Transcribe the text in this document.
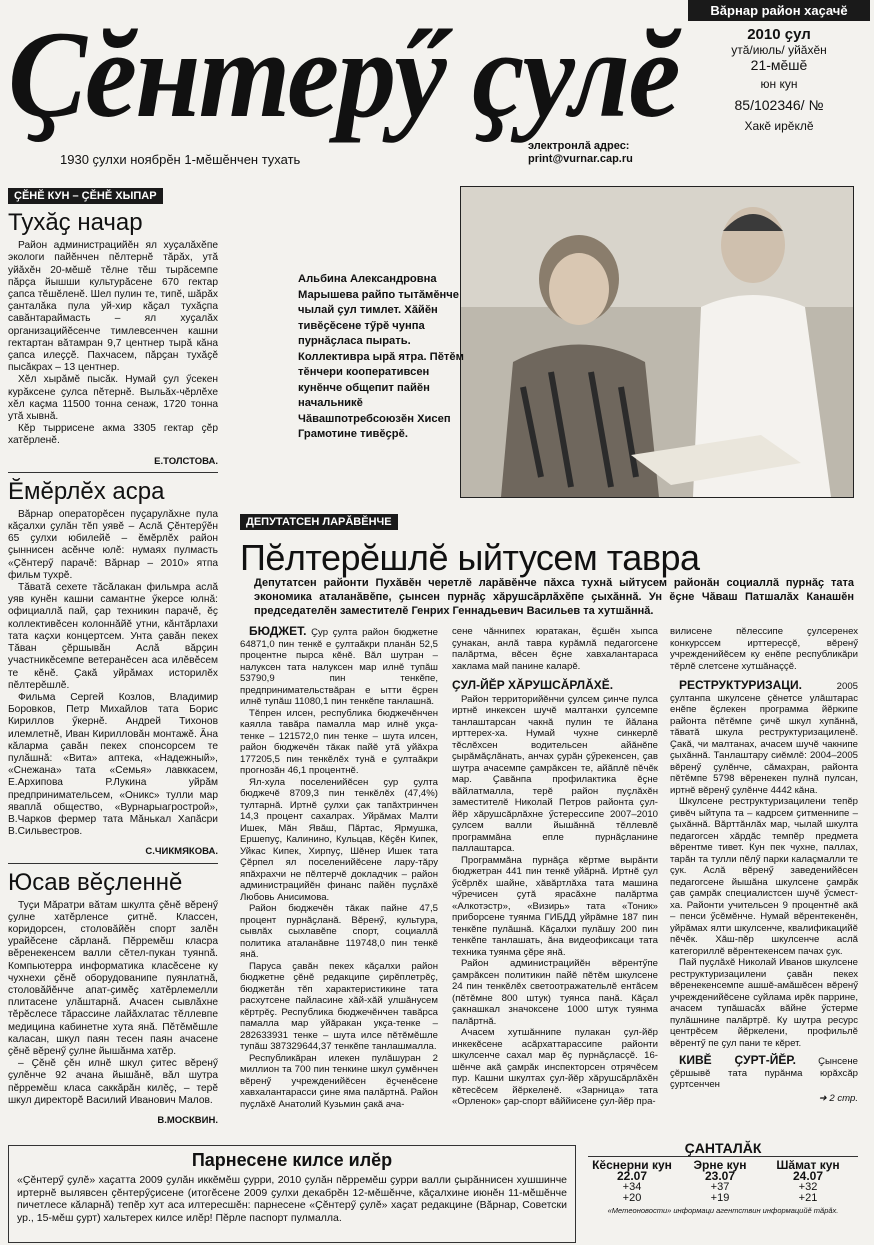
Ҫĕнтерӳ ҫулĕ
1930 ҫулхи ноябрĕн 1-мĕшĕнчен тухать
электронлă адрес:
print@vurnar.cap.ru
Вăрнар район хаҫачĕ
2010 ҫул
утă/июль/ уйăхĕн
21-мĕшĕ
юн кун
85/102346/ №
Хакĕ ирĕклĕ
ҪĔНĔ КУН – ҪĔНĔ ХЫПАР
Тухăҫ начар

Район администрацийĕн ял хуҫалăхĕпе экологи пайĕнчен пĕлтернĕ тăрăх, утă уйăхĕн 20-мĕшĕ тĕлне тĕш тырăсемпе пăрҫа йышши культурăсене 670 гектар ҫапса тĕшĕленĕ. Шел пулин те, типĕ, шăрăх ҫанталăка пула уй-хир кăҫал тухăҫпа савăнтараймасть – ял хуҫалăх организацийĕсенче тимлевсенчен кашни гектартан вăтамран 9,7 центнер тырă кăна ҫапса илеҫҫĕ. Пахчасем, пăрҫан тухăҫĕ пысăкрах – 13 центнер.

Хĕл хырăмĕ пысăк. Нумай ҫул ӳсекен курăксене ҫулса пĕтернĕ. Выльăх-чĕрлĕхе хĕл каҫма 11500 тонна сенаж, 1720 тонна утă хывнă.

Кĕр тыррисене акма 3305 гектар ҫĕр хатĕрленĕ.

Е.ТОЛСТОВА.
Ĕмĕрлĕх асра

Вăрнар операторĕсен пуҫарулăхне пула кăҫалхи ҫулăн тĕп уявĕ – Аслă Ҫĕнтерӳĕн 65 ҫулхи юбилейĕ – ĕмĕрлĕх район ҫыннисен асĕнче юлĕ: нумаях пулмасть «Ҫĕнтерӳ парачĕ: Вăрнар – 2010» ятпа фильм тухрĕ.

Тăватă сехете тăсăлакан фильмра аслă уяв кунĕн кашни самантне ӳкерсе юлнă: официаллă пай, ҫар техникин парачĕ, ĕҫ коллективĕсен колоннăйĕ утни, кăнтăрлахи тата каҫхи концертсем. Унта ҫавăн пекех Тăван ҫĕршывăн Аслă вăрҫин участникĕсемпе ветеранĕсен аса илĕвĕсем те кĕнĕ. Ҫакă уйрăмах историлĕх пĕлтерĕшлĕ.

Фильма Сергей Козлов, Владимир Боровков, Петр Михайлов тата Борис Кириллов ӳкернĕ. Андрей Тихонов илемлетнĕ, Иван Кирилловăн монтажĕ. Ăна кăларма ҫавăн пекех спонсорсем те пулăшнă: «Вита» аптека, «Надежный», «Снежана» тата «Семья» лавккасем, Е.Архипова Р.Лукина уйрăм предпринимательсем, «Оникс» тулли мар яваплă общество, «Вурнарыагрострой», В.Чарков фермер тата Мăнькал Хапăсри В.Сильвестров.

С.ЧИКМЯКОВА.
Юсав вĕҫленнĕ

Туҫи Мăратри вăтам шкулта ҫĕнĕ вĕренӳ ҫулне хатĕрленсе ҫитнĕ. Классен, коридорсен, столовăйĕн спорт залĕн урайĕсене сăрланă. Пĕрремĕш класра вĕренекенсем валли сĕтел-пукан туянnă. Компьютерра информатика класĕсене ку чухнехи ҫĕнĕ оборудованипе пуянлатнă, столовăйĕнче апат-ҫимĕҫ хатĕрлемелли плитасене улăштарнă. Ачасен сывлăхне тĕрĕслесе тăрассине лайăхлатас тĕллевпе медицина кабинетне хута янă. Пĕтĕмĕшле каласан, шкул паян тесен паян ачасене ҫĕнĕ вĕренӳ ҫулне йышăнма хатĕр.

– Ҫĕнĕ ҫĕн илнĕ шкул ҫитес вĕренӳ ҫулĕнче 92 ачана йышăнĕ, вăл шутра пĕрремĕш класа саккăрăн килĕҫ, – терĕ шкул директорĕ Василий Иванович Малов.

В.МОСКВИН.

Альбина Александровна Марышева райпо тытăмĕнче чылай ҫул тимлет. Хăйĕн тивĕҫĕсене тӳрĕ чунпа пурнăҫласа пырать. Коллективра ырă ятра. Пĕтĕм тĕнчери кооперативсен кунĕнче общепит пайĕн начальникĕ Чăвашпотребсоюзĕн Хисеп Грамотине тивĕҫрĕ.

ДЕПУТАТСЕН ЛАРĂВĔНЧЕ
Пĕлтерĕшлĕ ыйтусем тавра
Депутатсен районти Пухăвĕн черетлĕ ларăвĕнче пăхса тухнă ыйтусем районăн социаллă пурнăҫ тата экономика аталанăвĕпе, ҫынсен пурнăҫ хăрушсăрлăхĕпе ҫыхăннă. Ун ĕҫне Чăваш Патшалăх Канашĕн председателĕн заместителĕ Генрих Геннадьевич Васильев та хутшăннă.

БЮДЖЕТ. Ҫур ҫулта район бюджетне 64871,0 пин тенкĕ е ҫултаăкри планăн 52,5 процентне пырса кĕнĕ. Вăл шутран – налуксен тата налуксен мар илнĕ тупăш 53790,9 пин тенкĕпе, предпринимательствăран е ытти ĕҫрен илнĕ тупăш 11080,1 пин тенкĕпе танлашнă.

Тĕпрен илсен, республика бюджечĕнчен каялла тавăра памалла мар илнĕ укҫа-тенке – 121572,0 пин тенке – шута илсен, район бюджечĕн тăкак пайĕ утă уйăхра 177205,5 пин тенкĕлĕх тунă е ҫултаăкри прогнозăн 46,1 процентнĕ.

Ял-хула поселенийĕсен ҫур ҫулта бюджечĕ 8709,3 пин тенкĕлĕх (47,4%) тултарнă. Иртнĕ ҫулхи ҫак тапăхтринчен 14,3 процент сахалрах. Уйрăмах Малти Ишек, Мăн Явăш, Пăртас, Ярмушка, Ершепуҫ, Калинино, Кульцав, Кĕҫĕн Кипек, Уйкас Кипек, Хирпуҫ, Шĕнер Ишек тата Ҫĕрпел ял поселенийĕсене лару-тăру япăхрахчи не пĕлтерчĕ докладчик – район администрацийĕн финанс пайĕн пуҫлăхĕ Любовь Анисимова.

Район бюджечĕн тăкак пайне 47,5 процент пурнăҫланă. Вĕренӳ, культура, сывлăх сыхлавĕпе спорт, социаллă политика аталанăвне 119748,0 пин тенкĕ янă.

Паруса ҫавăн пекех кăҫалхи район бюджетне ҫĕнĕ редакципе ҫирĕплетрĕҫ, бюджетăн тĕп характеристикине тата расхутсене пайласине хăй-хăй улшăнусем кĕртрĕҫ. Республика бюджечĕнчен тавăрса памалла мар уйăракан укҫа-тенке – 282633931 тенке – шута илсе пĕтĕмĕшле тупăш 387329644,37 тенкĕпе танлашмалла.

Республикăран илекен пулăшуран 2 миллион та 700 пин тенкине шкул ҫумĕнчен вĕренӳ учрежденийĕсен ĕҫченĕсене хавхалантарасси ҫине яма палăртнă. Район пуҫлăхĕ Анатолий Кузьмин ҫакă ача-

сене чăннипех юратакан, ĕҫшĕн хыпса ҫунакан, анлă тавра курăмлă педагогсене палăртма, вĕсен ĕҫне хавхалантараса хаклама май панине каларĕ.

ҪУЛ-ЙĔР ХĂРУШСĂРЛĂХĔ.

Район территорийĕнчи ҫулсем ҫинче пулса иртнĕ инкексен шучĕ малтанхи ҫулсемпе танлаштарсан чакнă пулин те йăлана ирттерех-ха. Нумай чухне синкерлĕ тĕслĕхсен водительсен айăнĕпе ҫырăмăçлăнать, анчах ҫурăн ҫӳрекенсен, ҫав шутра ачасемпе ҫамрăксен те, айăплĕ пĕчĕк мар. Ҫавăнпа профилактика ĕҫне вăйлатмалла, терĕ район пуҫлăхĕн заместителĕ Николай Петров районта ҫул-йĕр хăрушсăрлăхне ӳстерессипе 2007–2010 ҫулсем валли йышăннă тĕллевлĕ программăна епле пурнăҫланине паллаштарса.

Программăна пурнăҫа кĕртме вырăнти бюджетран 441 пин тенкĕ уйăрнă. Иртнĕ ҫул ӳсĕрлĕх шайне, хăвăртлăха тата машина чӳречисен ҫутă ярасăхне палăртма «Алкотэстр», «Визирь» тата «Тоник» приборсене туянма ГИБДД уйрăмне 187 пин тенкĕпе пулăшнă. Кăҫалхи пулăшу 200 пин тенкĕпе танлашать, ăна видеофиксаци тата техника туянма ҫĕре янă.

Район администрацийĕн вĕрентӳпе ҫамрăксен политикин пайĕ пĕтĕм шкулсене 24 пин тенкĕлĕх светоотражательлĕ ентăсем (пĕтĕмне 800 штук) туянса панă. Кăҫал ҫакнашкал значоксене 1000 штук туянма палăртнă.

Ачасем хутшăннипе пулакан ҫул-йĕр инкекĕсене асăрхаттарассипе районти шкулсенче сахал мар ĕҫ пурнăҫласçĕ. 16-шĕнче акă ҫамрăк инспекторсен отрячĕсем пур. Кашни шкултах ҫул-йĕр хăрушсăрлăхĕн кĕтесĕсем йĕркеленĕ. «Зарница» тата «Орленок» ҫар-спорт вăййисене ҫул-йĕр пра-

вилисене пĕлессипе ҫулсеренех конкурссем ирттересçĕ, вĕренӳ учрежденийĕсем ку енĕпе республикăри тĕрлĕ слетсене хутшăнаççĕ.

РЕСТРУКТУРИЗАЦИ.	2005 ҫултанпа шкулсене ҫĕнетсе улăштарас енĕпе ĕҫлекен программа йĕркипе районта пĕтĕмпе ҫичĕ шкул хупăннă, тăватă шкула реструктуризациленĕ. Ҫакă, чи малтанах, ачасем шучĕ чакнипе ҫыхăннă. Танлаштару сиĕмлĕ: 2004–2005 вĕренӳ ҫулĕнче, сăмахран, районта пĕтĕмпе 5798 вĕренекен пулнă пулсан, иртнĕ вĕренӳ ҫулĕнче 4442 кăна.

Шкулсене реструктуризацилени тепĕр ҫивĕч ыйтупа та – кадрсем ҫитменнипе – ҫыхăннă. Вăрттăнлăх мар, чылай шкулта педагогсен хăрдăс темпĕр предмета вĕрентме тивет. Кун пек чухне, паллах, тарăн та тулли пĕлӳ парки калаçмалли те çук. Аслă вĕренӳ заведенийĕсен педагогсене йышăна шкулсене ҫамрăк ҫав ҫамрăк специалистсен шучĕ ӳсмест-ха. Районти учительсен 9 процентнĕ акă – пенси ӳсĕмĕнче. Нумай вĕрентекенĕн, уйрăмах ялти шкулсенче, квалификацийĕ пĕчĕк. Хăш-пĕр шкулсенче аслă категориллĕ вĕрентекенсем пачах ҫук.

Пай пуҫлăхĕ Николай Иванов шкулсене реструктуризацилени ҫавăн пекех вĕренекенсемпе ашшĕ-амăшĕсен вĕренӳ учрежденийĕсене суйлама ирĕк паррине, ачасем тупăшасăх вăйне ӳстерме пулăшнине палăртрĕ. Ку шутра ресурс центрĕсем йĕркелени, профильлĕ вĕрентӳ пе ҫул пани те кĕрет.

КИВĔ ҪУРТ-ЙĔР. Ҫынсене ҫĕршывĕ тата пурăнма юрăхсăр ҫуртсенчен

➜ 2 стр.
Парнесене килсе илĕр

«Ҫĕнтерӳ ҫулĕ» хаҫатта 2009 ҫулăн иккĕмĕш ҫурри, 2010 ҫулăн пĕрремĕш ҫурри валли ҫырăннисен хушшинче иртернĕ вылявсен ҫĕнтерӳҫисене (итогĕсене 2009 ҫулхи декабрĕн 12-мĕшĕнче, кăçалхине июнĕн 11-мĕшĕнче пичетлесе кăларнă) тепĕр хут аса илтересшĕн: парнесене «Ҫĕнтерӳ ҫулĕ» хаҫат редакцине (Вăрнар, Советски ур., 15-мĕш ҫурт) хальтерех килсе илĕр! Пĕрле паспорт пулмалла.

ҪАНТАЛĂК
Кĕснерни кун
22.07
+34
+20
Эрне кун
23.07
+37
+19
Шăмат кун
24.07
+32
+21
«Метеоновости» информаци агентствин информацийĕ тăрăх.
